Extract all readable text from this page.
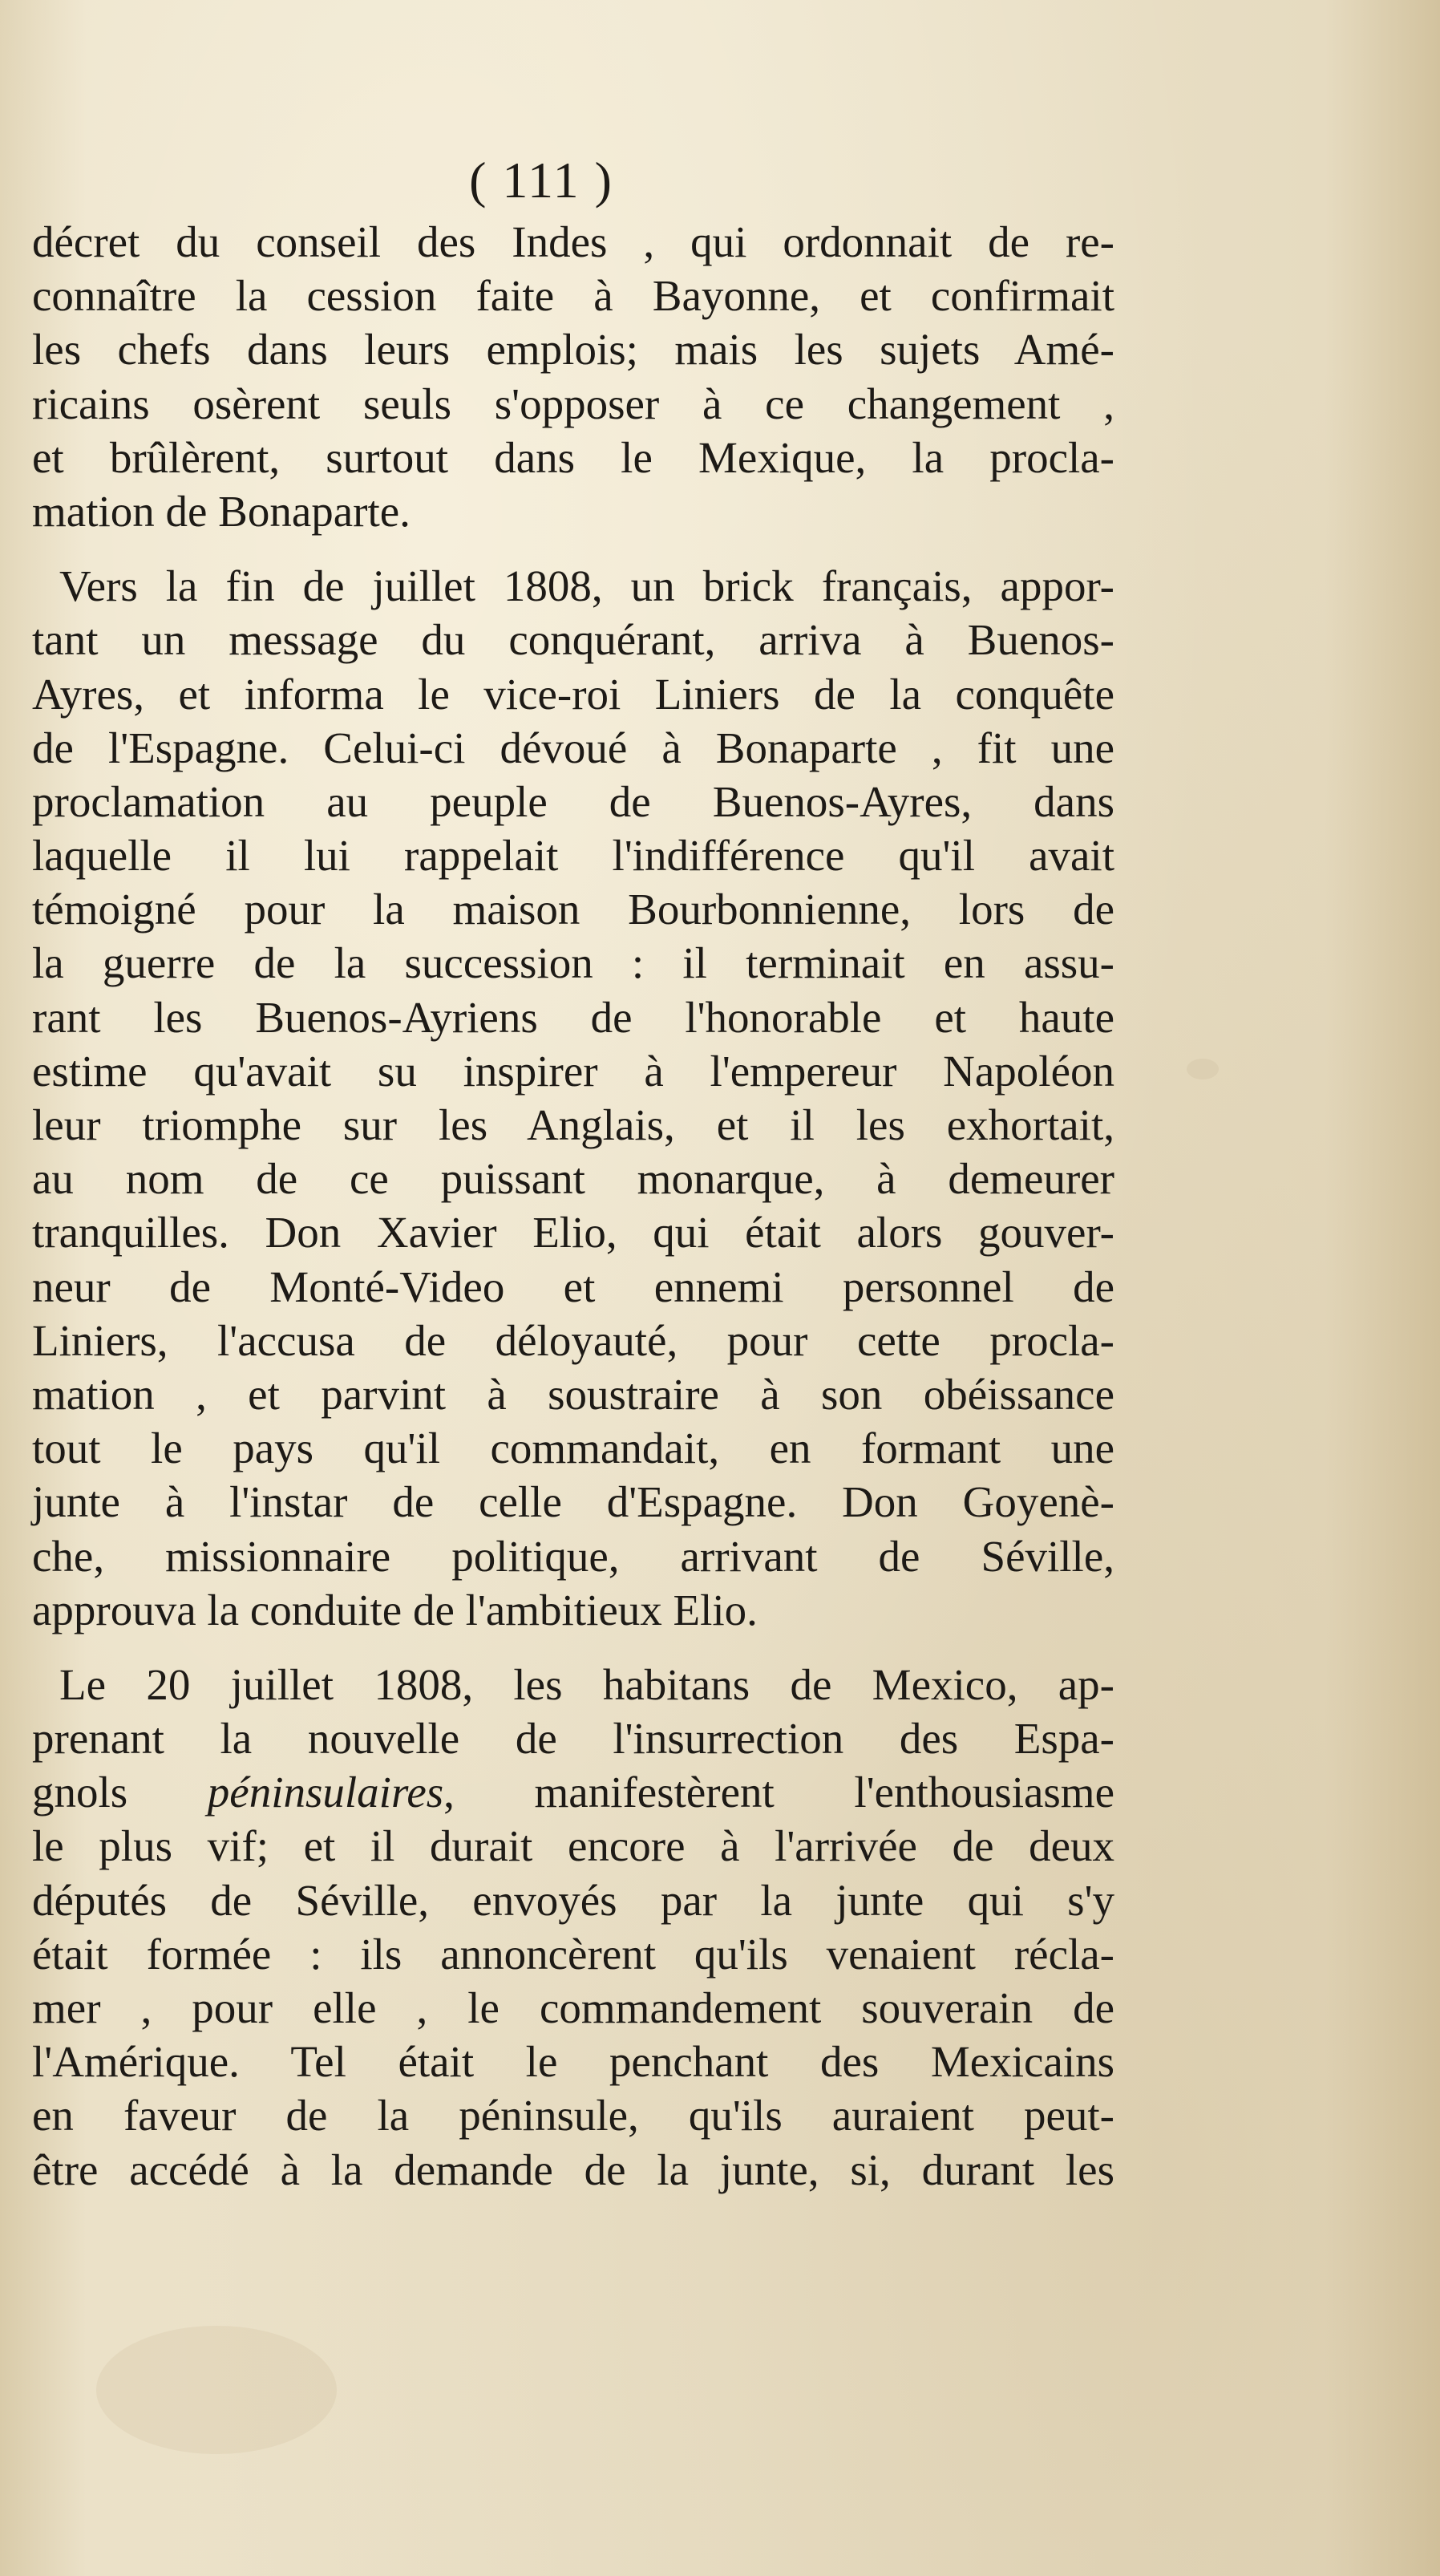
( 111 )
décret du conseil des Indes , qui ordonnait de re-
connaître la cession faite à Bayonne, et confirmait
les chefs dans leurs emplois; mais les sujets Amé-
ricains osèrent seuls s'opposer à ce changement ,
et brûlèrent, surtout dans le Mexique, la procla-
mation de Bonaparte.
Vers la fin de juillet 1808, un brick français, appor-
tant un message du conquérant, arriva à Buenos-
Ayres, et informa le vice-roi Liniers de la conquête
de l'Espagne. Celui-ci dévoué à Bonaparte , fit une
proclamation au peuple de Buenos-Ayres, dans
laquelle il lui rappelait l'indifférence qu'il avait
témoigné pour la maison Bourbonnienne, lors de
la guerre de la succession : il terminait en assu-
rant les Buenos-Ayriens de l'honorable et haute
estime qu'avait su inspirer à l'empereur Napoléon
leur triomphe sur les Anglais, et il les exhortait,
au nom de ce puissant monarque, à demeurer
tranquilles. Don Xavier Elio, qui était alors gouver-
neur de Monté-Video et ennemi personnel de
Liniers, l'accusa de déloyauté, pour cette procla-
mation , et parvint à soustraire à son obéissance
tout le pays qu'il commandait, en formant une
junte à l'instar de celle d'Espagne. Don Goyenè-
che, missionnaire politique, arrivant de Séville,
approuva la conduite de l'ambitieux Elio.
Le 20 juillet 1808, les habitans de Mexico, ap-
prenant la nouvelle de l'insurrection des Espa-
gnols péninsulaires, manifestèrent l'enthousiasme
le plus vif; et il durait encore à l'arrivée de deux
députés de Séville, envoyés par la junte qui s'y
était formée : ils annoncèrent qu'ils venaient récla-
mer , pour elle , le commandement souverain de
l'Amérique. Tel était le penchant des Mexicains
en faveur de la péninsule, qu'ils auraient peut-
être accédé à la demande de la junte, si, durant les
